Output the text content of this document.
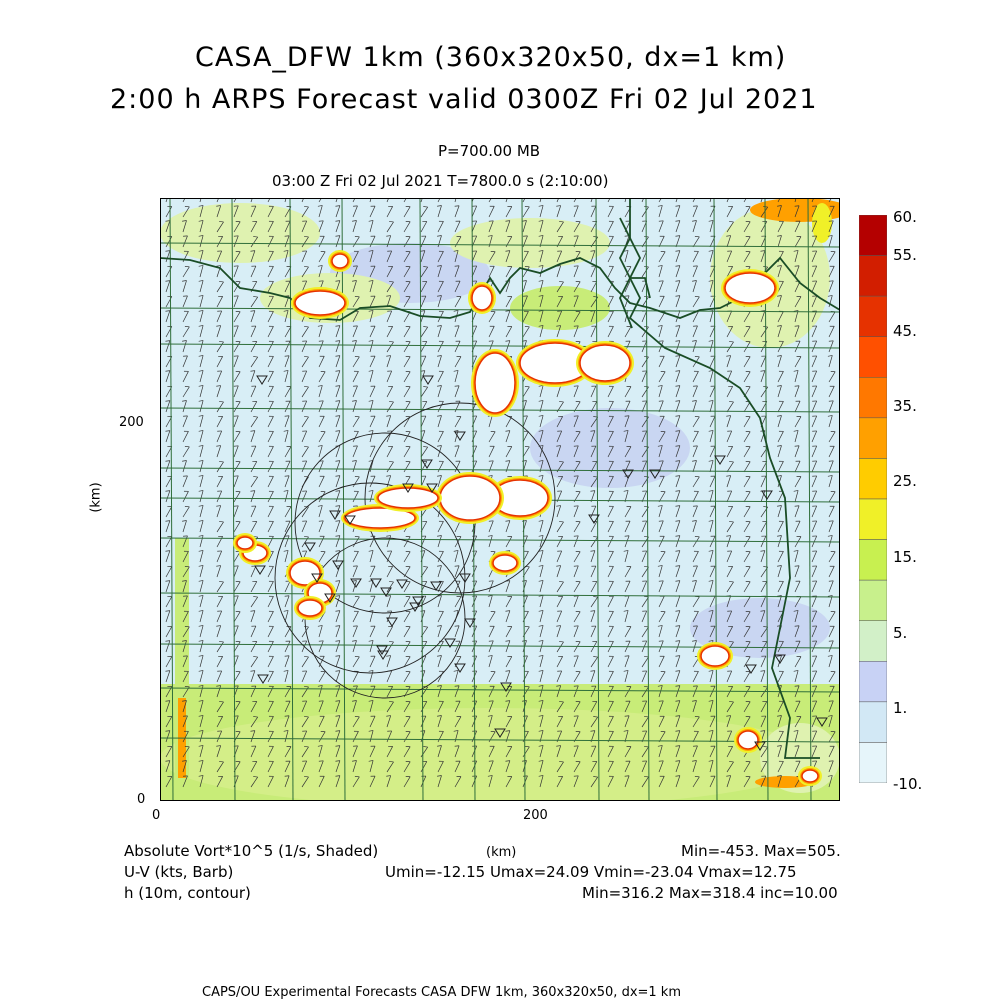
CASA_DFW 1km (360x320x50, dx=1 km)
2:00 h ARPS Forecast valid 0300Z Fri 02 Jul 2021
P=700.00 MB
03:00 Z Fri 02 Jul 2021 T=7800.0 s (2:10:00)
(km)
200
0
0	200
60.
55.
45.
35.
25.
15.
5.
1.
-10.
Absolute Vort*10^5 (1/s, Shaded)
U-V (kts, Barb)
h (10m, contour)
(km)	Min=-453. Max=505.
Umin=-12.15 Umax=24.09 Vmin=-23.04 Vmax=12.75
Min=316.2 Max=318.4 inc=10.00
CAPS/OU Experimental Forecasts CASA DFW 1km, 360x320x50, dx=1 km
